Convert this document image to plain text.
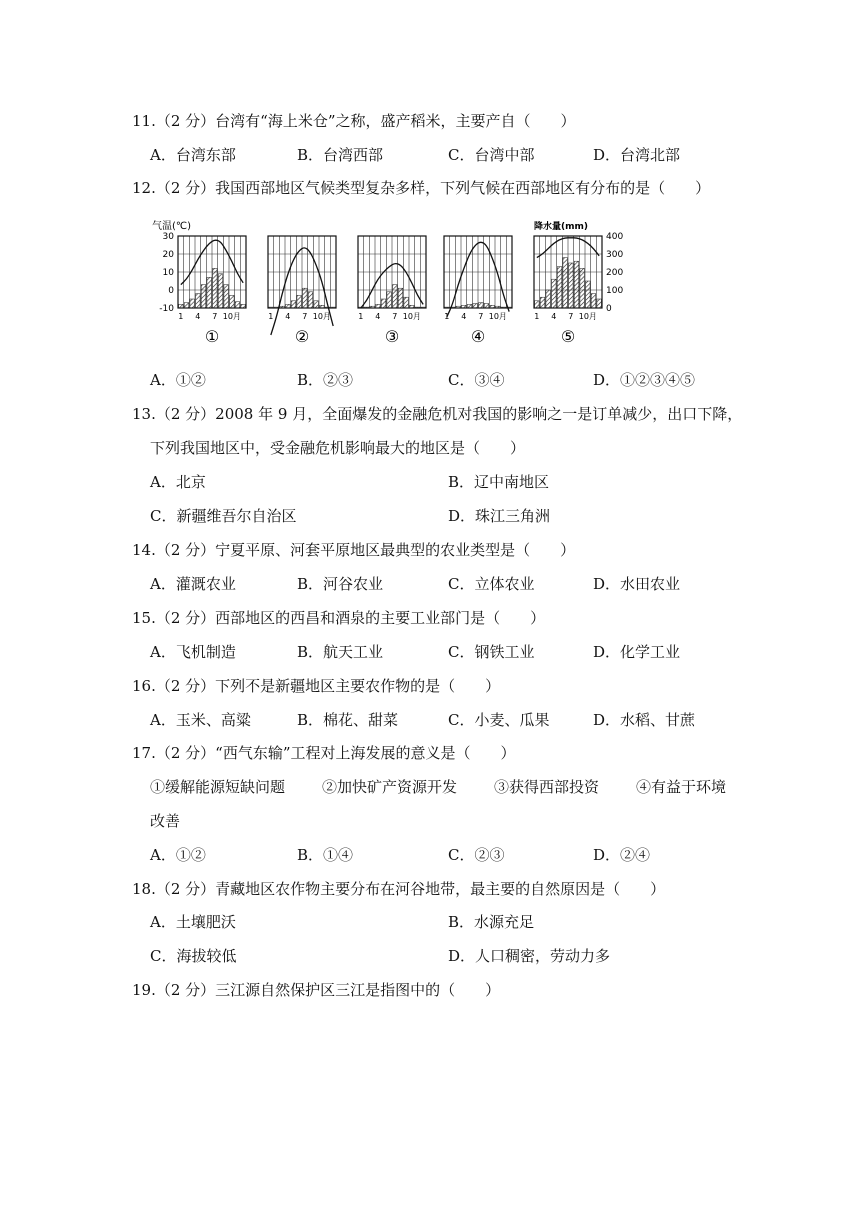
11.（2 分）台湾有“海上米仓”之称，盛产稻米，主要产自（　　）
A．台湾东部	B．台湾西部	C．台湾中部	D．台湾北部
12.（2 分）我国西部地区气候类型复杂多样，下列气候在西部地区有分布的是（　　）
气温(℃)
30
20
10
0
-10
降水量(mm)
400
300
200
100
0
1 4 7 10月
①
1 4 7 10月
②
1 4 7 10月
③
1 4 7 10月
④
1 4 7 10月
⑤
A．①②	B．②③	C．③④	D．①②③④⑤
13.（2 分）2008 年 9 月，全面爆发的金融危机对我国的影响之一是订单减少，出口下降，
下列我国地区中，受金融危机影响最大的地区是（　　）
A．北京	B．辽中南地区
C．新疆维吾尔自治区	D．珠江三角洲
14.（2 分）宁夏平原、河套平原地区最典型的农业类型是（　　）
A．灌溉农业	B．河谷农业	C．立体农业	D．水田农业
15.（2 分）西部地区的西昌和酒泉的主要工业部门是（　　）
A．飞机制造	B．航天工业	C．钢铁工业	D．化学工业
16.（2 分）下列不是新疆地区主要农作物的是（　　）
A．玉米、高粱	B．棉花、甜菜	C．小麦、瓜果	D．水稻、甘蔗
17.（2 分）“西气东输”工程对上海发展的意义是（　　）
①缓解能源短缺问题 ②加快矿产资源开发 ③获得西部投资 ④有益于环境
改善
A．①②	B．①④	C．②③	D．②④
18.（2 分）青藏地区农作物主要分布在河谷地带，最主要的自然原因是（　　）
A．土壤肥沃	B．水源充足
C．海拔较低	D．人口稠密，劳动力多
19.（2 分）三江源自然保护区三江是指图中的（　　）
